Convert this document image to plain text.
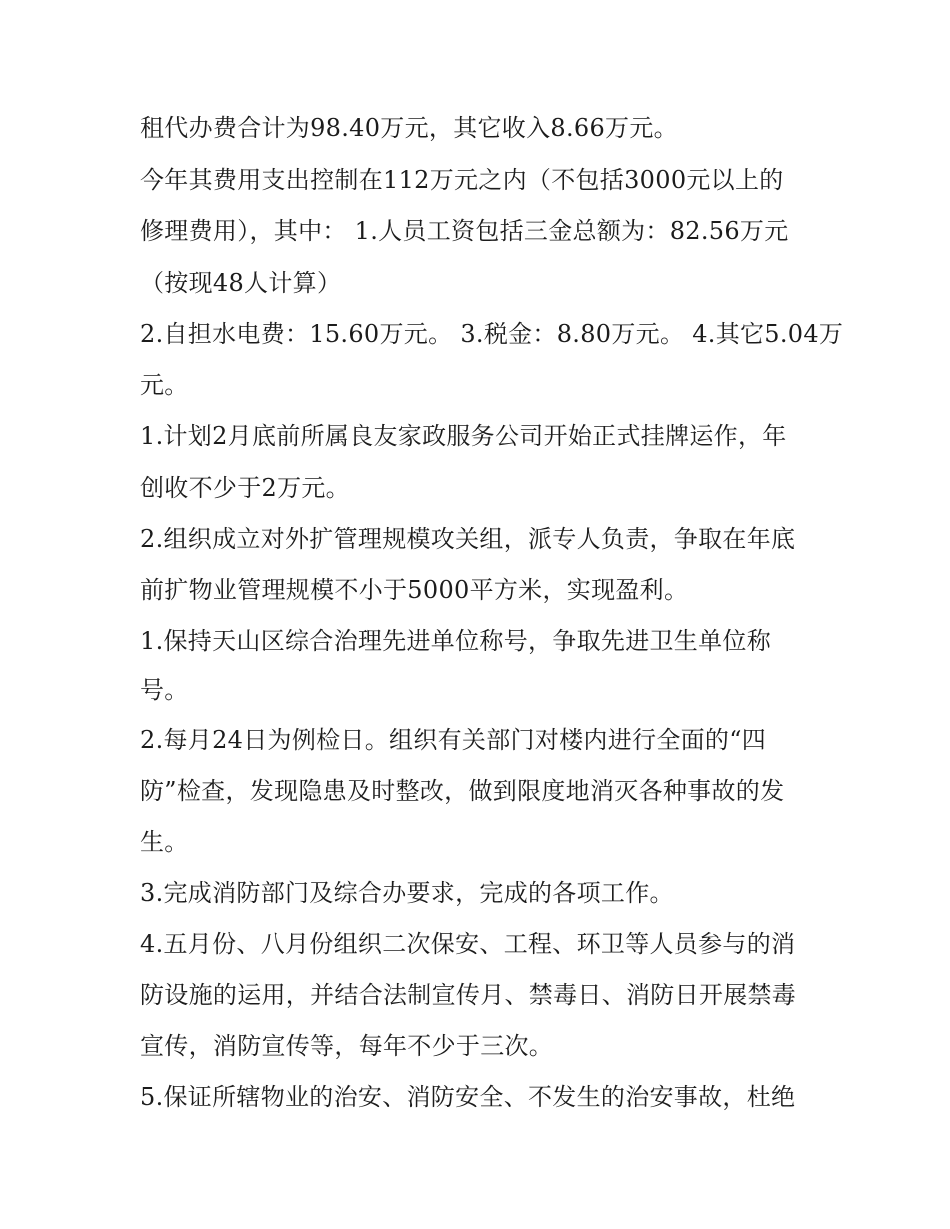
租代办费合计为98.40万元，其它收入8.66万元。
今年其费用支出控制在112万元之内（不包括3000元以上的
修理费用），其中： 1.人员工资包括三金总额为：82.56万元
（按现48人计算）
2.自担水电费：15.60万元。 3.税金：8.80万元。 4.其它5.04万
元。
1.计划2月底前所属良友家政服务公司开始正式挂牌运作，年
创收不少于2万元。
2.组织成立对外扩管理规模攻关组，派专人负责，争取在年底
前扩物业管理规模不小于5000平方米，实现盈利。
1.保持天山区综合治理先进单位称号，争取先进卫生单位称
号。
2.每月24日为例检日。组织有关部门对楼内进行全面的“四
防”检查，发现隐患及时整改，做到限度地消灭各种事故的发
生。
3.完成消防部门及综合办要求，完成的各项工作。
4.五月份、八月份组织二次保安、工程、环卫等人员参与的消
防设施的运用，并结合法制宣传月、禁毒日、消防日开展禁毒
宣传，消防宣传等，每年不少于三次。
5.保证所辖物业的治安、消防安全、不发生的治安事故，杜绝
